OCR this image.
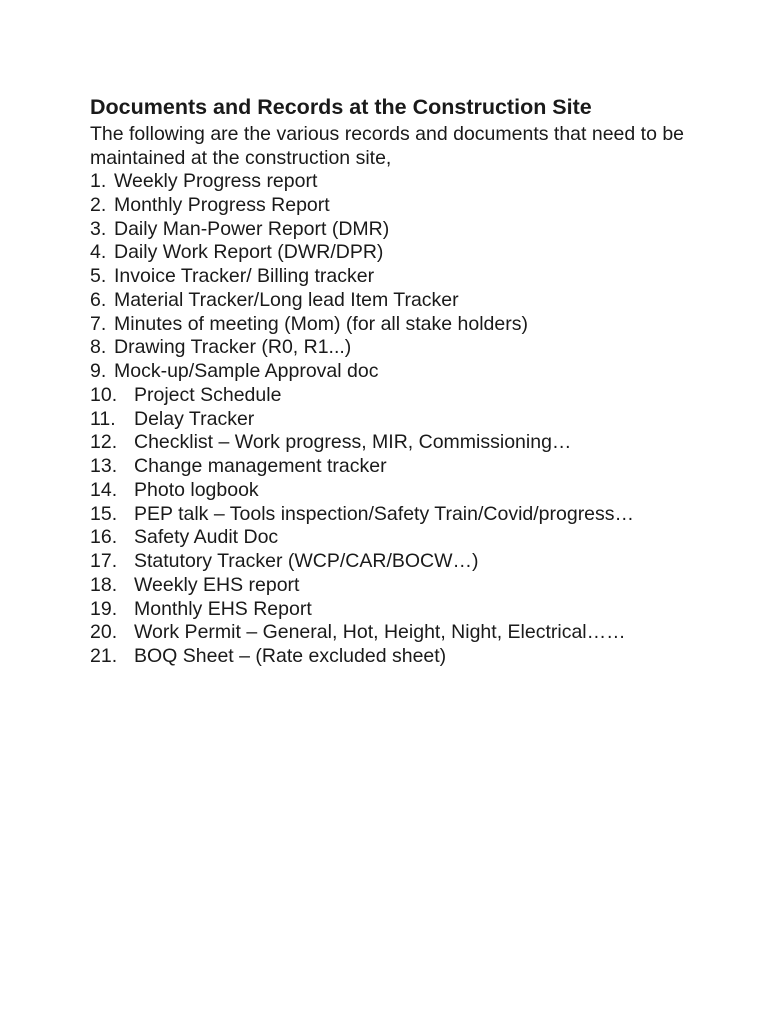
Documents and Records at the Construction Site

The following are the various records and documents that need to be maintained at the construction site,

1. Weekly Progress report
2. Monthly Progress Report
3. Daily Man-Power Report (DMR)
4. Daily Work Report (DWR/DPR)
5. Invoice Tracker/ Billing tracker
6. Material Tracker/Long lead Item Tracker
7. Minutes of meeting (Mom) (for all stake holders)
8. Drawing Tracker (R0, R1...)
9. Mock-up/Sample Approval doc
10. Project Schedule
11. Delay Tracker
12. Checklist – Work progress, MIR, Commissioning…
13. Change management tracker
14. Photo logbook
15. PEP talk – Tools inspection/Safety Train/Covid/progress…
16. Safety Audit Doc
17. Statutory Tracker (WCP/CAR/BOCW…)
18. Weekly EHS report
19. Monthly EHS Report
20. Work Permit – General, Hot, Height, Night, Electrical……
21. BOQ Sheet – (Rate excluded sheet)
